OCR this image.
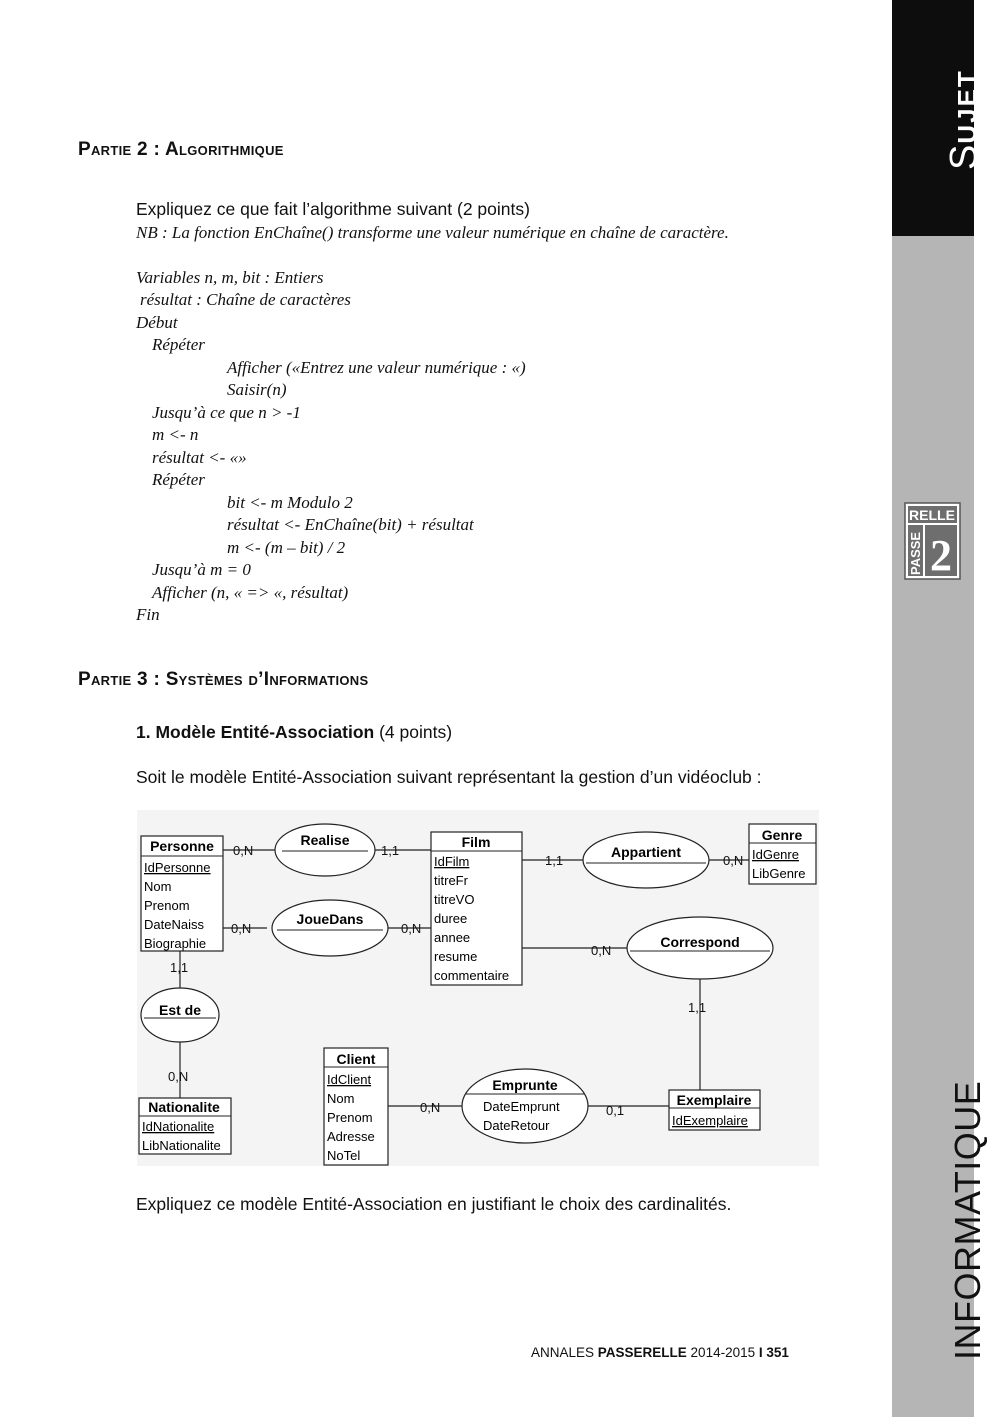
SUJET
RELLE
PASSE 2
INFORMATIQUE
Partie 2 : Algorithmique
Expliquez ce que fait l’algorithme suivant (2 points)
NB : La fonction EnChaîne() transforme une valeur numérique en chaîne de caractère.
Variables n, m, bit : Entiers
résultat : Chaîne de caractères
Début
Répéter
Afficher («Entrez une valeur numérique : «)
Saisir(n)
Jusqu’à ce que n > -1
m <- n
résultat <- «»
Répéter
bit <- m Modulo 2
résultat <- EnChaîne(bit) + résultat
m <- (m – bit) / 2
Jusqu’à m = 0
Afficher (n, « => «, résultat)
Fin
Partie 3 : Systèmes d’Informations
1. Modèle Entité-Association (4 points)
Soit le modèle Entité-Association suivant représentant la gestion d’un vidéoclub :
0,N	1,1
1,1	0,N
0,N	0,N
0,N
1,1
1,1
0,N
0,N	0,1
Personne
IdPersonne
Nom
Prenom
DateNaiss
Biographie
Film
IdFilm
titreFr
titreVO
duree
annee
resume
commentaire
Genre
IdGenre
LibGenre
Nationalite
IdNationalite
LibNationalite
Client
IdClient
Nom
Prenom
Adresse
NoTel
Exemplaire
IdExemplaire
Realise
JoueDans
Appartient
Correspond
Est de
Emprunte
DateEmprunt
DateRetour
Expliquez ce modèle Entité-Association en justifiant le choix des cardinalités.
ANNALES PASSERELLE 2014-2015 I 351
